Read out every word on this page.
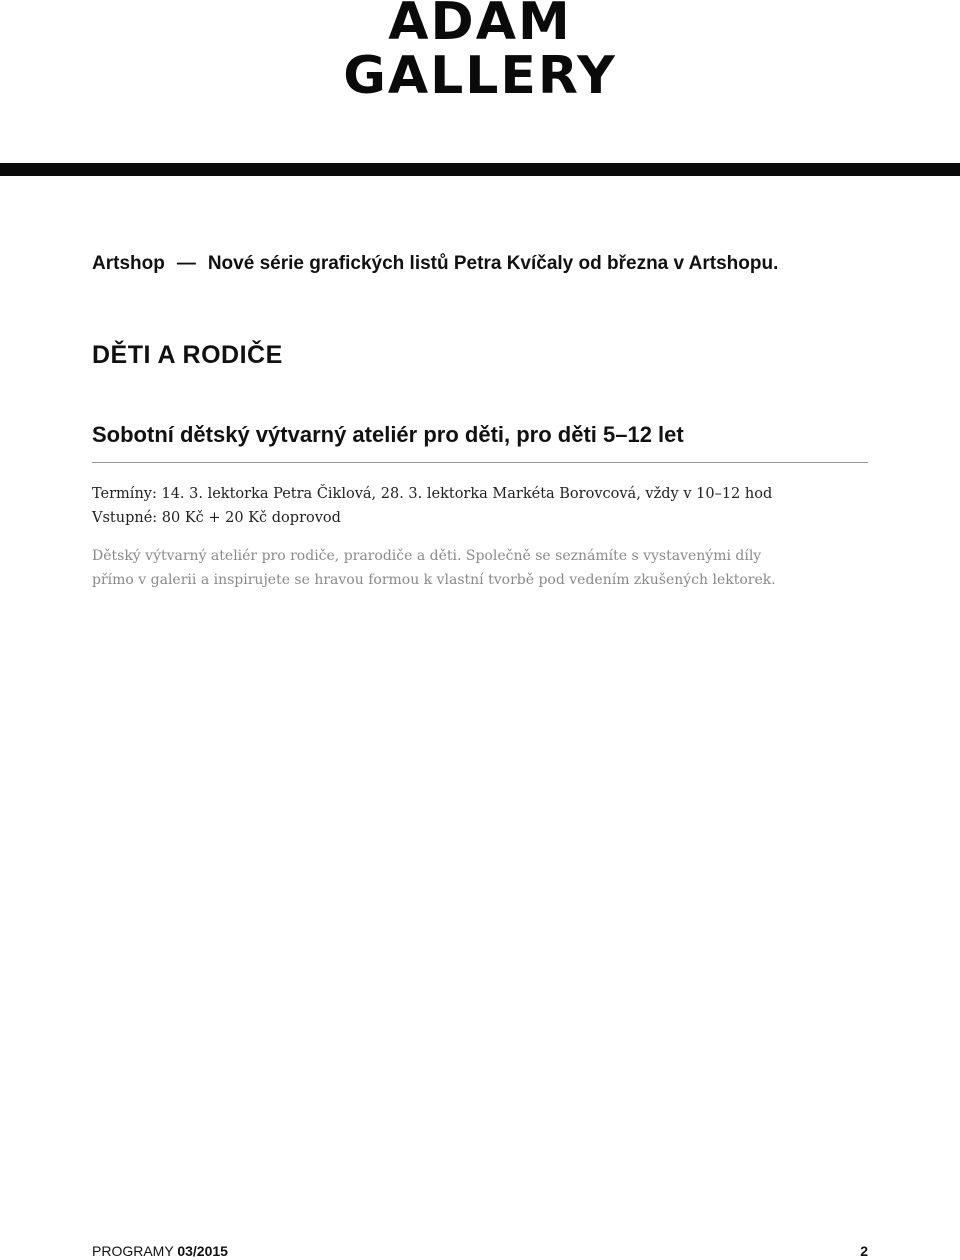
ADAM
GALLERY
Artshop — Nové série grafických listů Petra Kvíčaly od března v Artshopu.
DĚTI A RODIČE
Sobotní dětský výtvarný ateliér pro děti, pro děti 5–12 let
Termíny: 14. 3. lektorka Petra Čiklová, 28. 3. lektorka Markéta Borovcová, vždy v 10–12 hod
Vstupné: 80 Kč + 20 Kč doprovod
Dětský výtvarný ateliér pro rodiče, prarodiče a děti. Společně se seznámíte s vystavenými díly
přímo v galerii a inspirujete se hravou formou k vlastní tvorbě pod vedením zkušených lektorek.
PROGRAMY 03/2015	2
